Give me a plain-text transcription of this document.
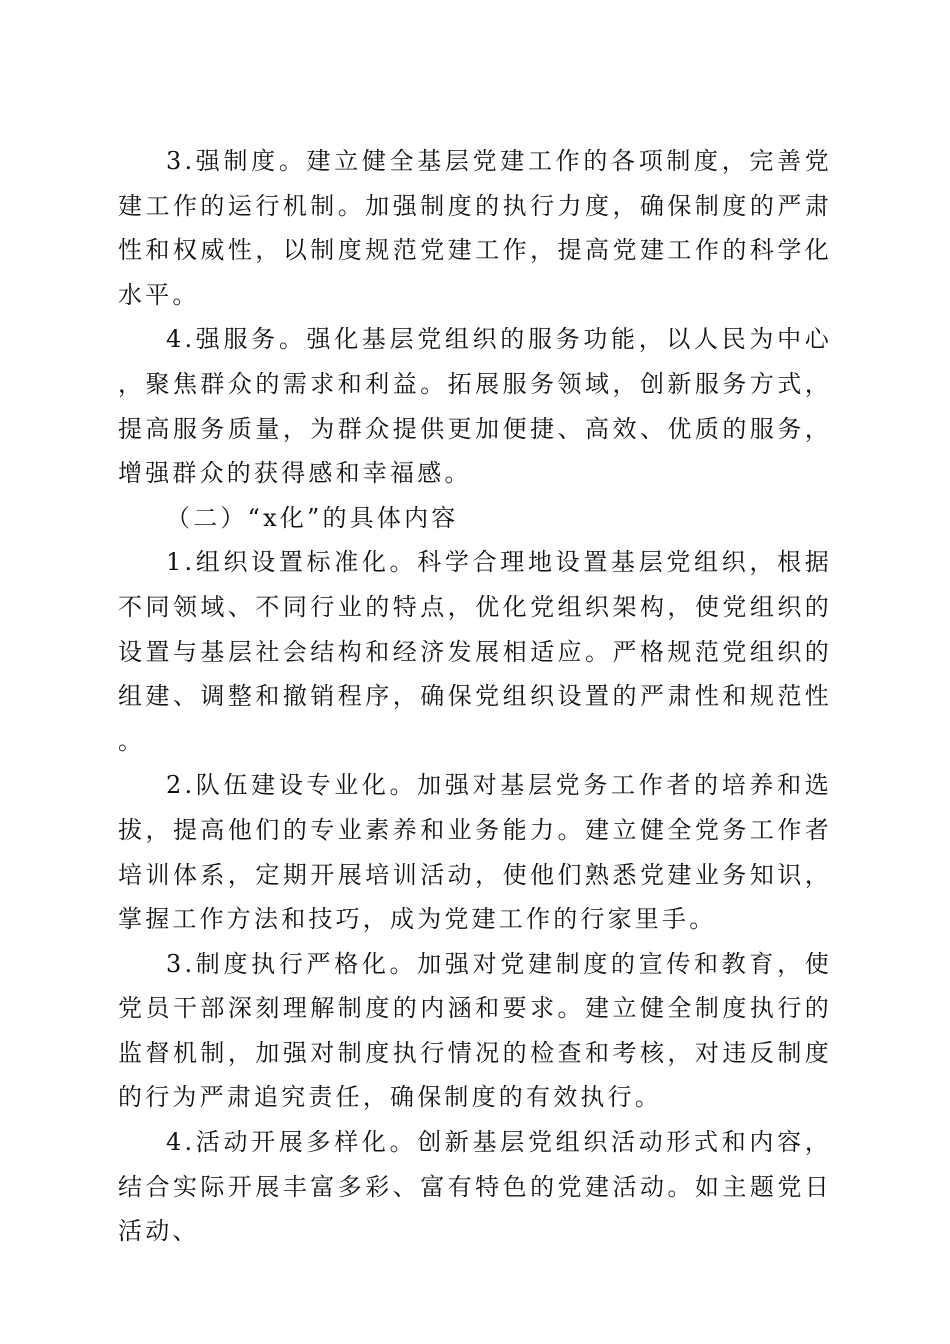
3.强制度。建立健全基层党建工作的各项制度，完善党建工作的运行机制。加强制度的执行力度，确保制度的严肃性和权威性，以制度规范党建工作，提高党建工作的科学化水平。

4.强服务。强化基层党组织的服务功能，以人民为中心，聚焦群众的需求和利益。拓展服务领域，创新服务方式，提高服务质量，为群众提供更加便捷、高效、优质的服务，增强群众的获得感和幸福感。

（二）“x化”的具体内容

1.组织设置标准化。科学合理地设置基层党组织，根据不同领域、不同行业的特点，优化党组织架构，使党组织的设置与基层社会结构和经济发展相适应。严格规范党组织的组建、调整和撤销程序，确保党组织设置的严肃性和规范性。

2.队伍建设专业化。加强对基层党务工作者的培养和选拔，提高他们的专业素养和业务能力。建立健全党务工作者培训体系，定期开展培训活动，使他们熟悉党建业务知识，掌握工作方法和技巧，成为党建工作的行家里手。

3.制度执行严格化。加强对党建制度的宣传和教育，使党员干部深刻理解制度的内涵和要求。建立健全制度执行的监督机制，加强对制度执行情况的检查和考核，对违反制度的行为严肃追究责任，确保制度的有效执行。

4.活动开展多样化。创新基层党组织活动形式和内容，结合实际开展丰富多彩、富有特色的党建活动。如主题党日活动、
